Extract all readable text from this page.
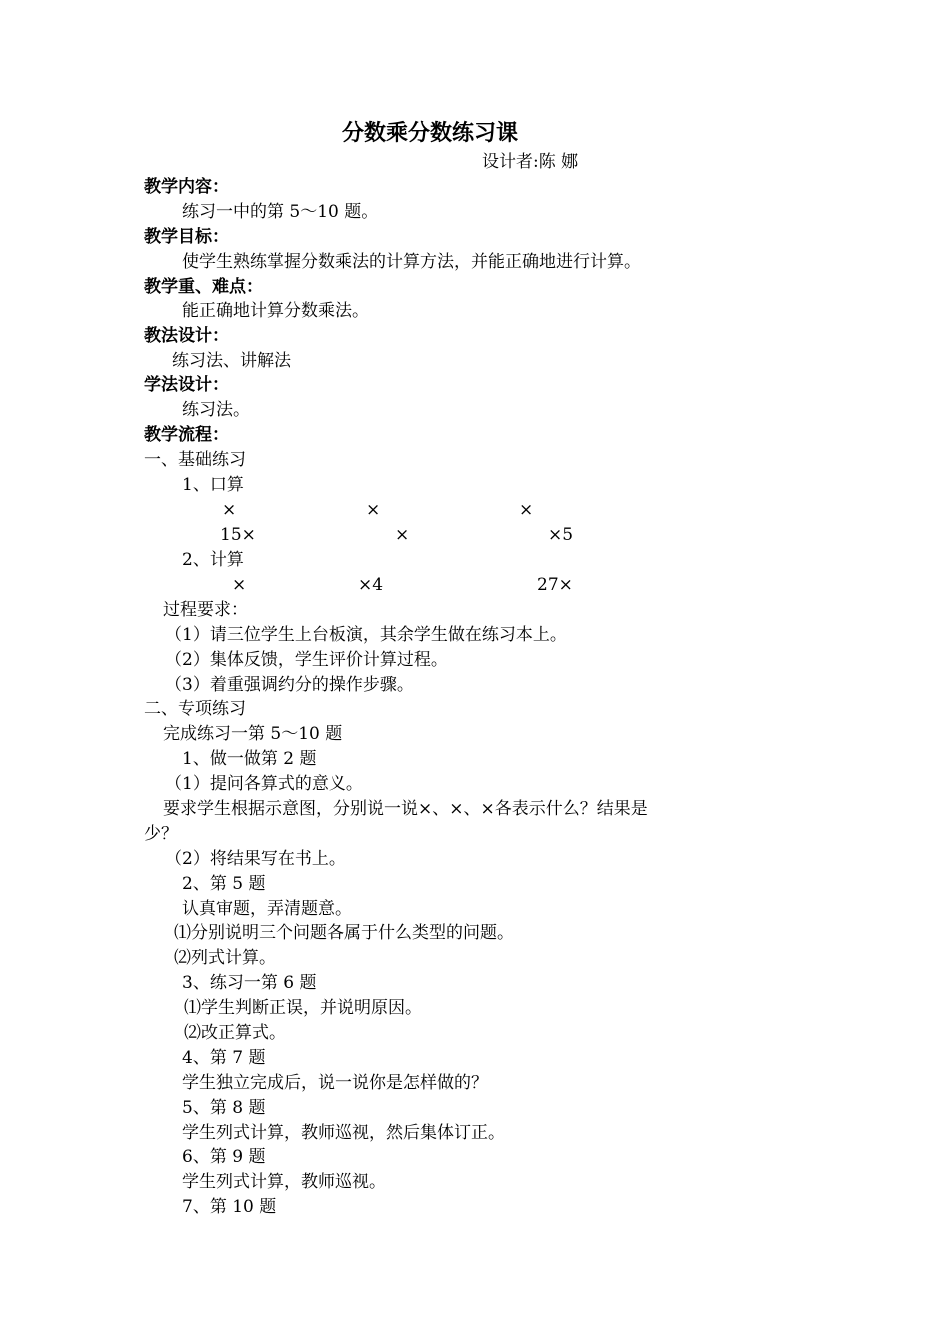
分数乘分数练习课
设计者:陈 娜
教学内容：
练习一中的第 5～10 题。
教学目标：
使学生熟练掌握分数乘法的计算方法，并能正确地进行计算。
教学重、难点：
能正确地计算分数乘法。
教法设计：
练习法、讲解法
学法设计：
练习法。
教学流程：
一、基础练习
1、口算
×	×	×
15×	×	×5
2、计算
×	×4	27×
过程要求：
（1）请三位学生上台板演，其余学生做在练习本上。
（2）集体反馈，学生评价计算过程。
（3）着重强调约分的操作步骤。
二、专项练习
完成练习一第 5～10 题
1、做一做第 2 题
（1）提问各算式的意义。
要求学生根据示意图，分别说一说×、×、×各表示什么？结果是
少？
（2）将结果写在书上。
2、第 5 题
认真审题，弄清题意。
⑴分别说明三个问题各属于什么类型的问题。
⑵列式计算。
3、练习一第 6 题
⑴学生判断正误，并说明原因。
⑵改正算式。
4、第 7 题
学生独立完成后，说一说你是怎样做的？
5、第 8 题
学生列式计算，教师巡视，然后集体订正。
6、第 9 题
学生列式计算，教师巡视。
7、第 10 题
